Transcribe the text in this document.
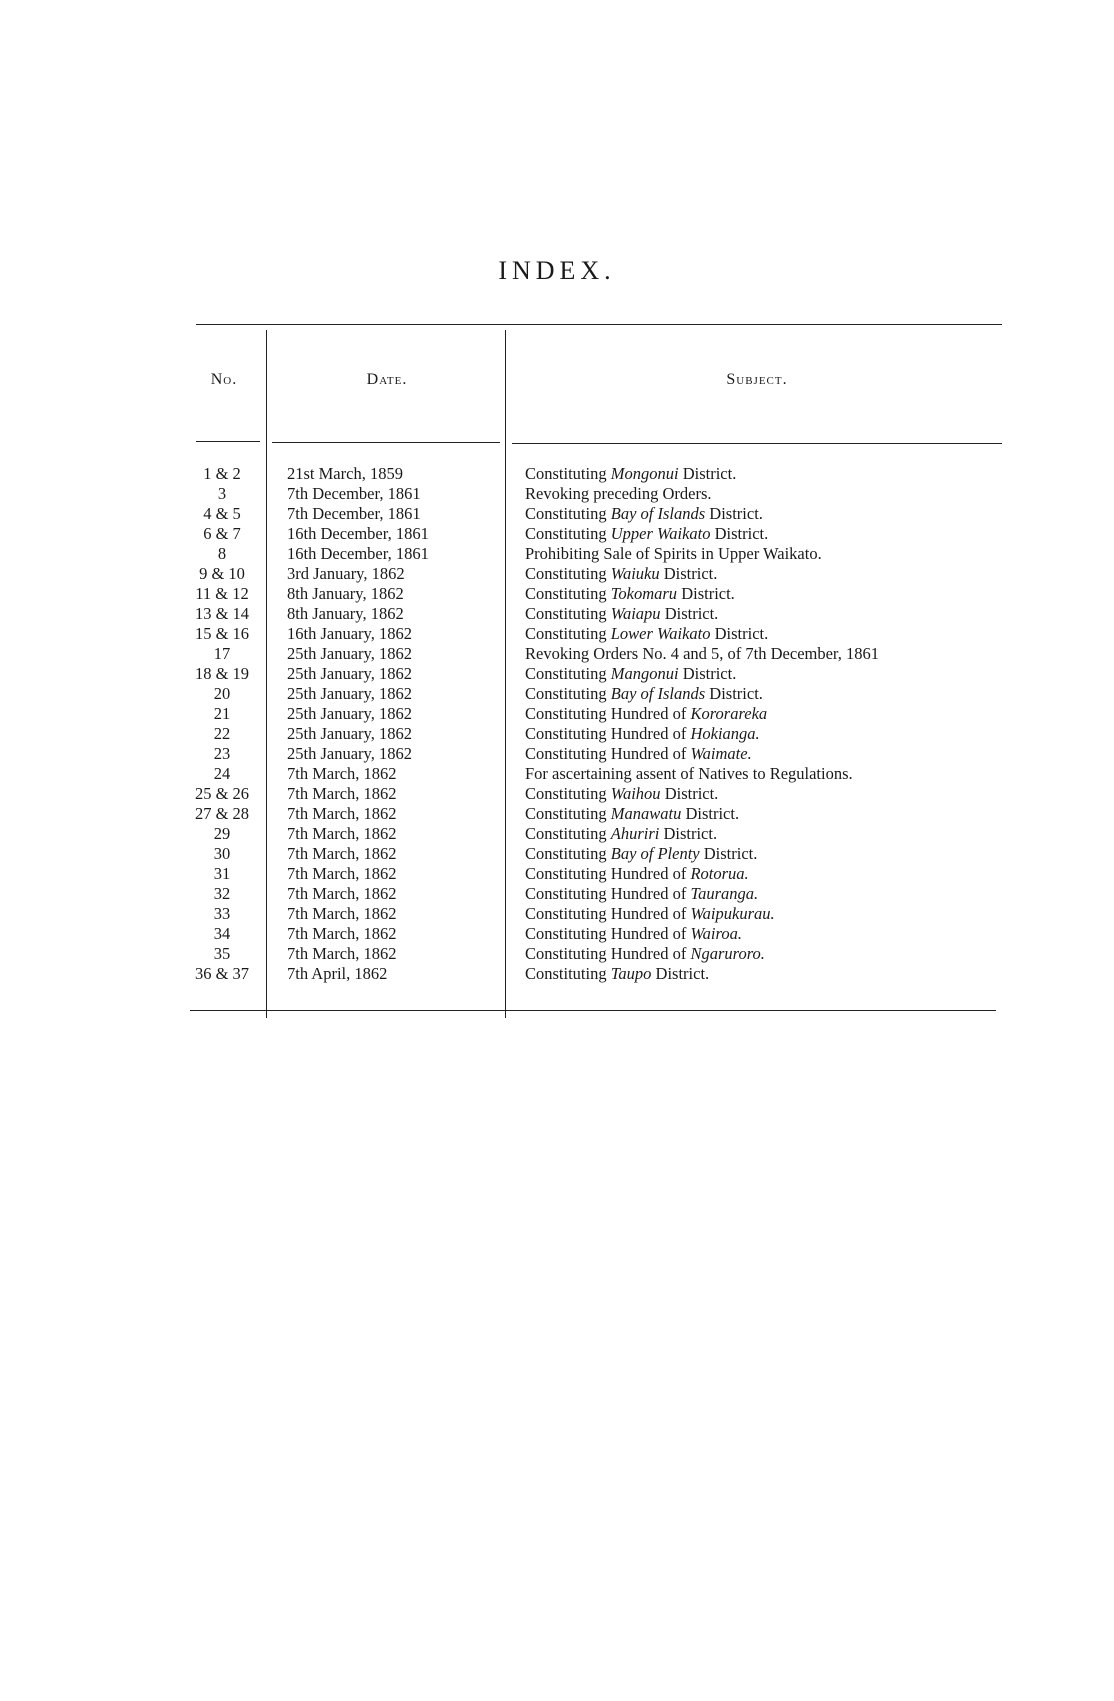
INDEX.
No.	Date.	Subject.
1 & 2	21st March, 1859	Constituting Mongonui District.
3	7th December, 1861	Revoking preceding Orders.
4 & 5	7th December, 1861	Constituting Bay of Islands District.
6 & 7	16th December, 1861	Constituting Upper Waikato District.
8	16th December, 1861	Prohibiting Sale of Spirits in Upper Waikato.
9 & 10	3rd January, 1862	Constituting Waiuku District.
11 & 12	8th January, 1862	Constituting Tokomaru District.
13 & 14	8th January, 1862	Constituting Waiapu District.
15 & 16	16th January, 1862	Constituting Lower Waikato District.
17	25th January, 1862	Revoking Orders No. 4 and 5, of 7th December, 1861
18 & 19	25th January, 1862	Constituting Mangonui District.
20	25th January, 1862	Constituting Bay of Islands District.
21	25th January, 1862	Constituting Hundred of Kororareka
22	25th January, 1862	Constituting Hundred of Hokianga.
23	25th January, 1862	Constituting Hundred of Waimate.
24	7th March, 1862	For ascertaining assent of Natives to Regulations.
25 & 26	7th March, 1862	Constituting Waihou District.
27 & 28	7th March, 1862	Constituting Manawatu District.
29	7th March, 1862	Constituting Ahuriri District.
30	7th March, 1862	Constituting Bay of Plenty District.
31	7th March, 1862	Constituting Hundred of Rotorua.
32	7th March, 1862	Constituting Hundred of Tauranga.
33	7th March, 1862	Constituting Hundred of Waipukurau.
34	7th March, 1862	Constituting Hundred of Wairoa.
35	7th March, 1862	Constituting Hundred of Ngaruroro.
36 & 37	7th April, 1862	Constituting Taupo District.
